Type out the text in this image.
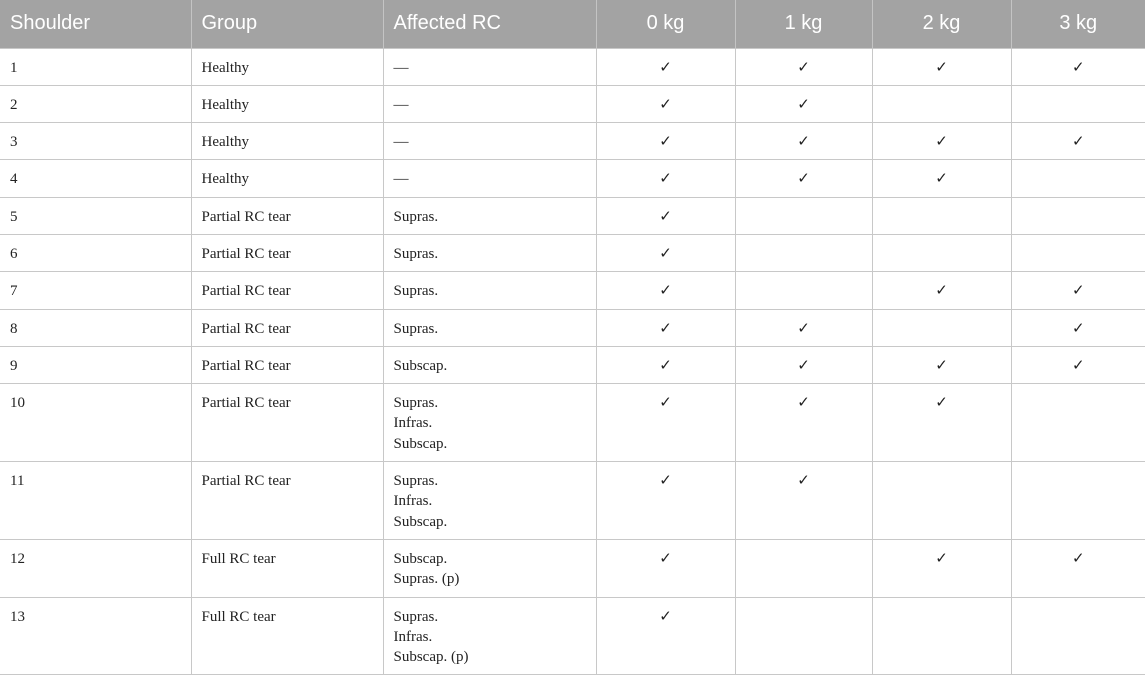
Shoulder	Group	Affected RC	0 kg	1 kg	2 kg	3 kg
1	Healthy	—	✓	✓	✓	✓
2	Healthy	—	✓	✓		
3	Healthy	—	✓	✓	✓	✓
4	Healthy	—	✓	✓	✓	
5	Partial RC tear	Supras.	✓			
6	Partial RC tear	Supras.	✓			
7	Partial RC tear	Supras.	✓		✓	✓
8	Partial RC tear	Supras.	✓	✓		✓
9	Partial RC tear	Subscap.	✓	✓	✓	✓
10	Partial RC tear	Supras.
Infras.
Subscap.	✓	✓	✓	
11	Partial RC tear	Supras.
Infras.
Subscap.	✓	✓		
12	Full RC tear	Subscap.
Supras. (p)	✓		✓	✓
13	Full RC tear	Supras.
Infras.
Subscap. (p)	✓			
